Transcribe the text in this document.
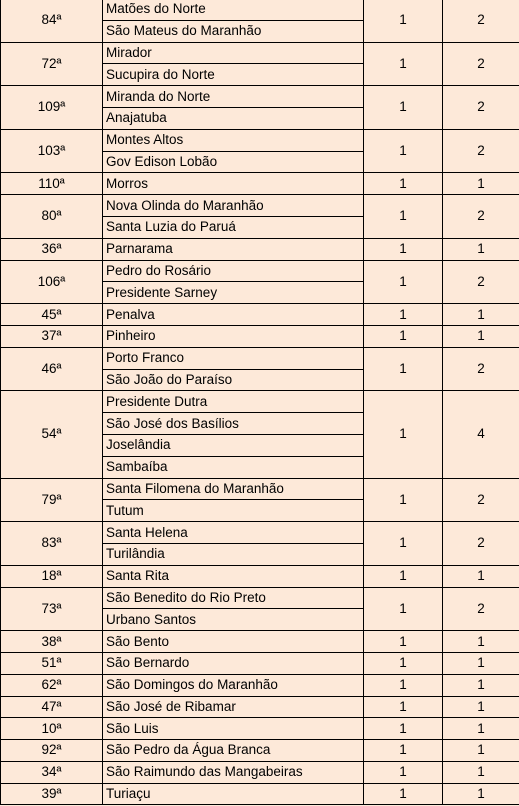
84ª	Matões do Norte	1	2
	São Mateus do Maranhão		
72ª	Mirador	1	2
	Sucupira do Norte		
109ª	Miranda do Norte	1	2
	Anajatuba		
103ª	Montes Altos	1	2
	Gov Edison Lobão		
110ª	Morros	1	1
80ª	Nova Olinda do Maranhão	1	2
	Santa Luzia do Paruá		
36ª	Parnarama	1	1
106ª	Pedro do Rosário	1	2
	Presidente Sarney		
45ª	Penalva	1	1
37ª	Pinheiro	1	1
46ª	Porto Franco	1	2
	São João do Paraíso		
54ª	Presidente Dutra	1	4
	São José dos Basílios		
	Joselândia		
	Sambaíba		
79ª	Santa Filomena do Maranhão	1	2
	Tutum		
83ª	Santa Helena	1	2
	Turilândia		
18ª	Santa Rita	1	1
73ª	São Benedito do Rio Preto	1	2
	Urbano Santos		
38ª	São Bento	1	1
51ª	São Bernardo	1	1
62ª	São Domingos do Maranhão	1	1
47ª	São José de Ribamar	1	1
10ª	São Luis	1	1
92ª	São Pedro da Água Branca	1	1
34ª	São Raimundo das Mangabeiras	1	1
39ª	Turiaçu	1	1
